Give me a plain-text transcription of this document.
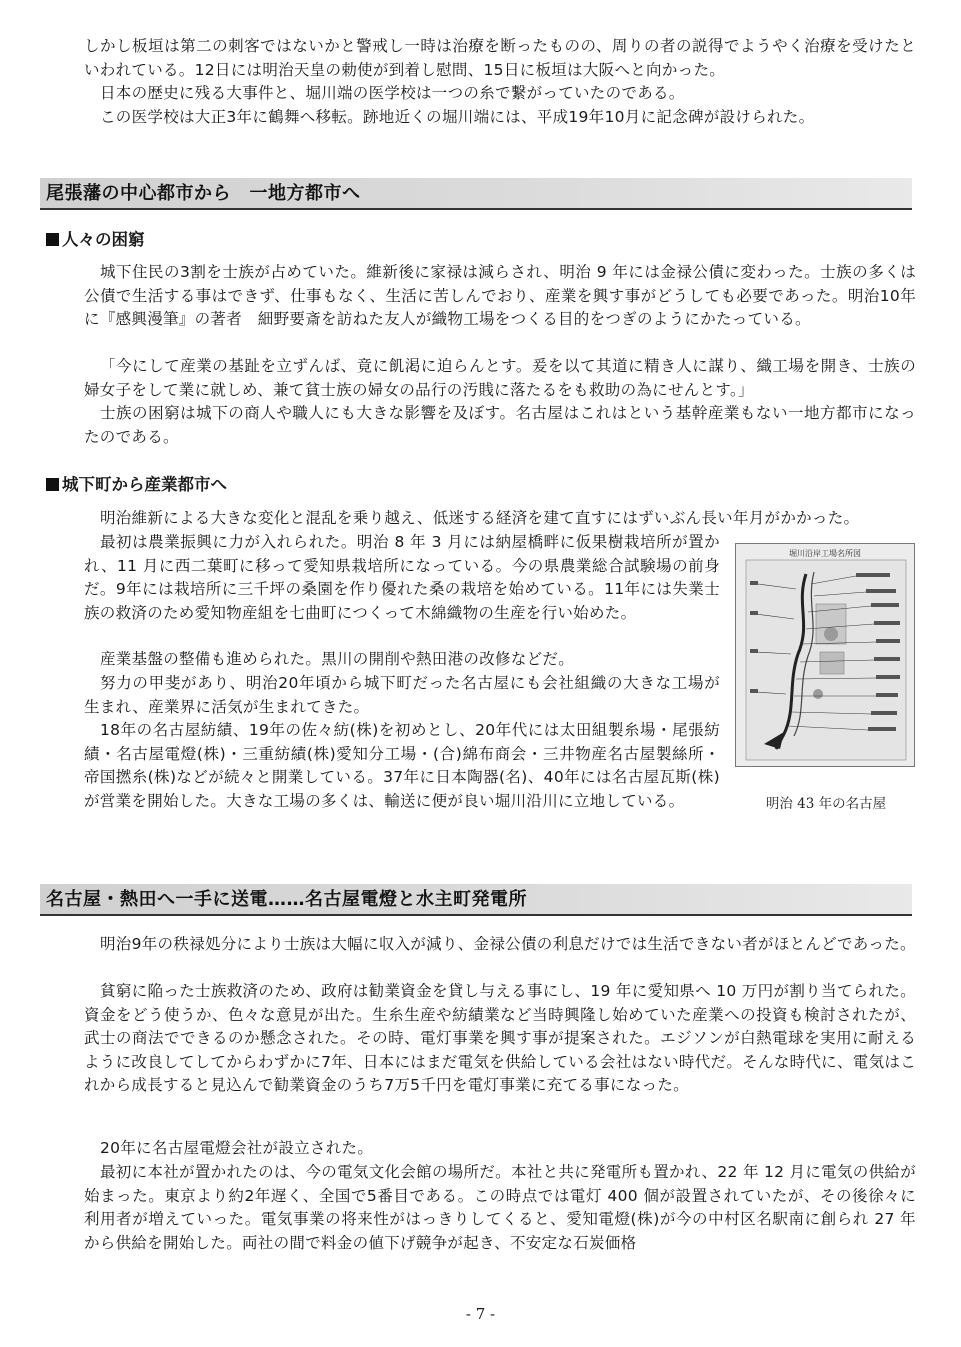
しかし板垣は第二の刺客ではないかと警戒し一時は治療を断ったものの、周りの者の説得でようやく治療を受けたといわれている。12日には明治天皇の勅使が到着し慰問、15日に板垣は大阪へと向かった。

日本の歴史に残る大事件と、堀川端の医学校は一つの糸で繋がっていたのである。

この医学校は大正3年に鶴舞へ移転。跡地近くの堀川端には、平成19年10月に記念碑が設けられた。

尾張藩の中心都市から　一地方都市へ
人々の困窮

城下住民の3割を士族が占めていた。維新後に家禄は減らされ、明治 9 年には金禄公債に変わった。士族の多くは公債で生活する事はできず、仕事もなく、生活に苦しんでおり、産業を興す事がどうしても必要であった。明治10年に『感興漫筆』の著者　細野要斎を訪ねた友人が織物工場をつくる目的をつぎのようにかたっている。

「今にして産業の基趾を立ずんば、竟に飢渇に迫らんとす。爰を以て其道に精き人に謀り、織工場を開き、士族の婦女子をして業に就しめ、兼て貧士族の婦女の品行の汚賎に落たるをも救助の為にせんとす。」

士族の困窮は城下の商人や職人にも大きな影響を及ぼす。名古屋はこれはという基幹産業もない一地方都市になったのである。

城下町から産業都市へ

明治維新による大きな変化と混乱を乗り越え、低迷する経済を建て直すにはずいぶん長い年月がかかった。

最初は農業振興に力が入れられた。明治 8 年 3 月には納屋橋畔に仮果樹栽培所が置かれ、11 月に西二葉町に移って愛知県栽培所になっている。今の県農業総合試験場の前身だ。9年には栽培所に三千坪の桑園を作り優れた桑の栽培を始めている。11年には失業士族の救済のため愛知物産組を七曲町につくって木綿織物の生産を行い始めた。

産業基盤の整備も進められた。黒川の開削や熱田港の改修などだ。

努力の甲斐があり、明治20年頃から城下町だった名古屋にも会社組織の大きな工場が生まれ、産業界に活気が生まれてきた。

18年の名古屋紡績、19年の佐々紡(株)を初めとし、20年代には太田組製糸場・尾張紡績・名古屋電燈(株)・三重紡績(株)愛知分工場・(合)綿布商会・三井物産名古屋製絲所・帝国撚糸(株)などが続々と開業している。37年に日本陶器(名)、40年には名古屋瓦斯(株)が営業を開始した。大きな工場の多くは、輸送に便が良い堀川沿川に立地している。

堀川沿岸工場名所図
明治 43 年の名古屋
名古屋・熱田へ一手に送電……名古屋電燈と水主町発電所

明治9年の秩禄処分により士族は大幅に収入が減り、金禄公債の利息だけでは生活できない者がほとんどであった。

貧窮に陥った士族救済のため、政府は勧業資金を貸し与える事にし、19 年に愛知県へ 10 万円が割り当てられた。資金をどう使うか、色々な意見が出た。生糸生産や紡績業など当時興隆し始めていた産業への投資も検討されたが、武士の商法でできるのか懸念された。その時、電灯事業を興す事が提案された。エジソンが白熱電球を実用に耐えるように改良してしてからわずかに7年、日本にはまだ電気を供給している会社はない時代だ。そんな時代に、電気はこれから成長すると見込んで勧業資金のうち7万5千円を電灯事業に充てる事になった。

20年に名古屋電燈会社が設立された。

最初に本社が置かれたのは、今の電気文化会館の場所だ。本社と共に発電所も置かれ、22 年 12 月に電気の供給が始まった。東京より約2年遅く、全国で5番目である。この時点では電灯 400 個が設置されていたが、その後徐々に利用者が増えていった。電気事業の将来性がはっきりしてくると、愛知電燈(株)が今の中村区名駅南に創られ 27 年から供給を開始した。両社の間で料金の値下げ競争が起き、不安定な石炭価格

- 7 -
